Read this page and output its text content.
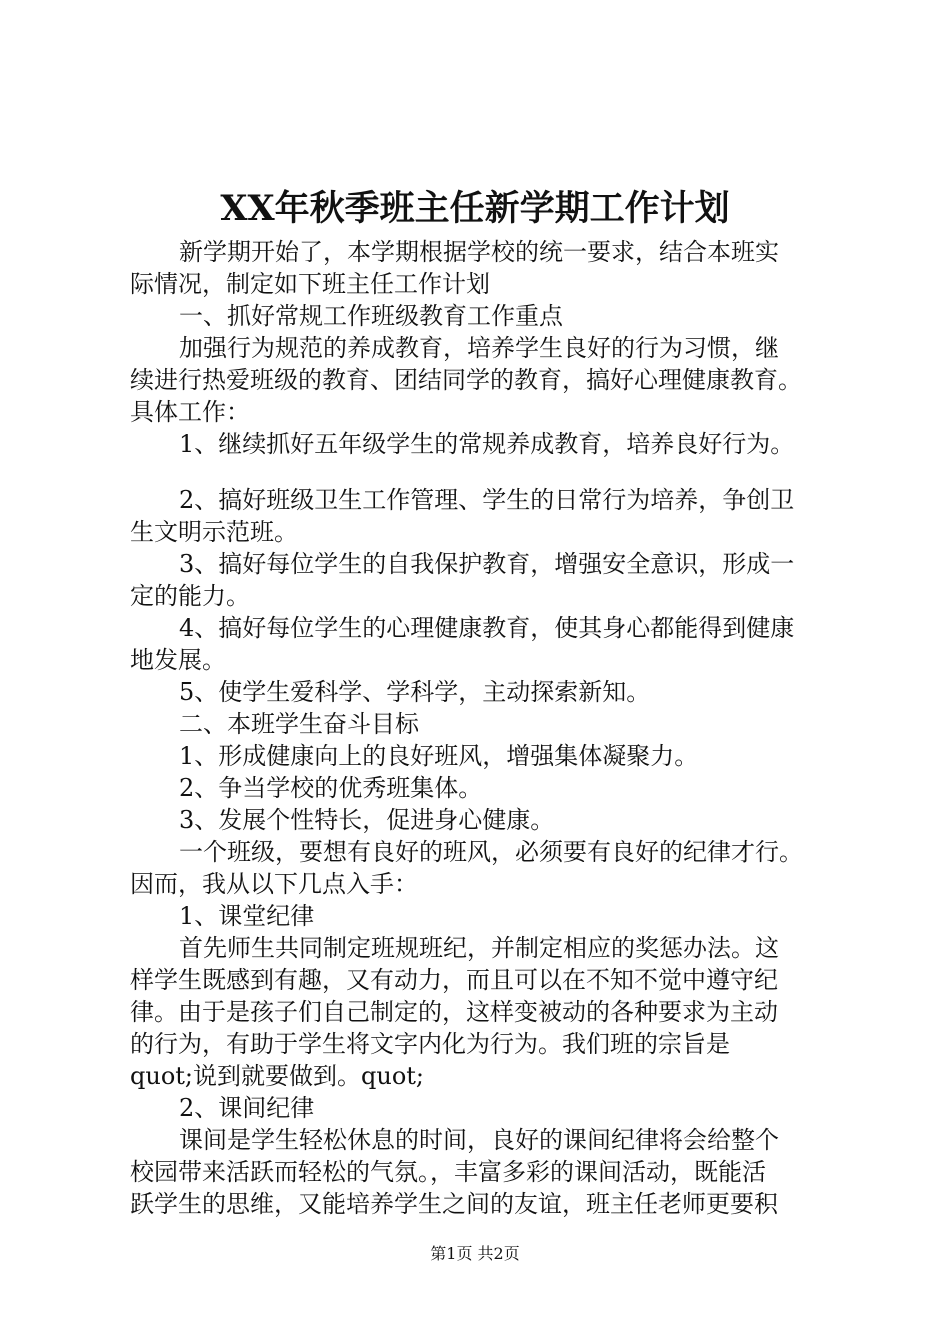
XX年秋季班主任新学期工作计划
新学期开始了，本学期根据学校的统一要求，结合本班实
际情况，制定如下班主任工作计划
一、抓好常规工作班级教育工作重点
加强行为规范的养成教育，培养学生良好的行为习惯，继
续进行热爱班级的教育、团结同学的教育，搞好心理健康教育。
具体工作：
1、继续抓好五年级学生的常规养成教育，培养良好行为。
2、搞好班级卫生工作管理、学生的日常行为培养，争创卫
生文明示范班。
3、搞好每位学生的自我保护教育，增强安全意识，形成一
定的能力。
4、搞好每位学生的心理健康教育，使其身心都能得到健康
地发展。
5、使学生爱科学、学科学，主动探索新知。
二、本班学生奋斗目标
1、形成健康向上的良好班风，增强集体凝聚力。
2、争当学校的优秀班集体。
3、发展个性特长，促进身心健康。
一个班级，要想有良好的班风，必须要有良好的纪律才行。
因而，我从以下几点入手：
1、课堂纪律
首先师生共同制定班规班纪，并制定相应的奖惩办法。这
样学生既感到有趣，又有动力，而且可以在不知不觉中遵守纪
律。由于是孩子们自己制定的，这样变被动的各种要求为主动
的行为，有助于学生将文字内化为行为。我们班的宗旨是
quot;说到就要做到。quot;
2、课间纪律
课间是学生轻松休息的时间，良好的课间纪律将会给整个
校园带来活跃而轻松的气氛。，丰富多彩的课间活动，既能活
跃学生的思维，又能培养学生之间的友谊，班主任老师更要积
第1页 共2页
